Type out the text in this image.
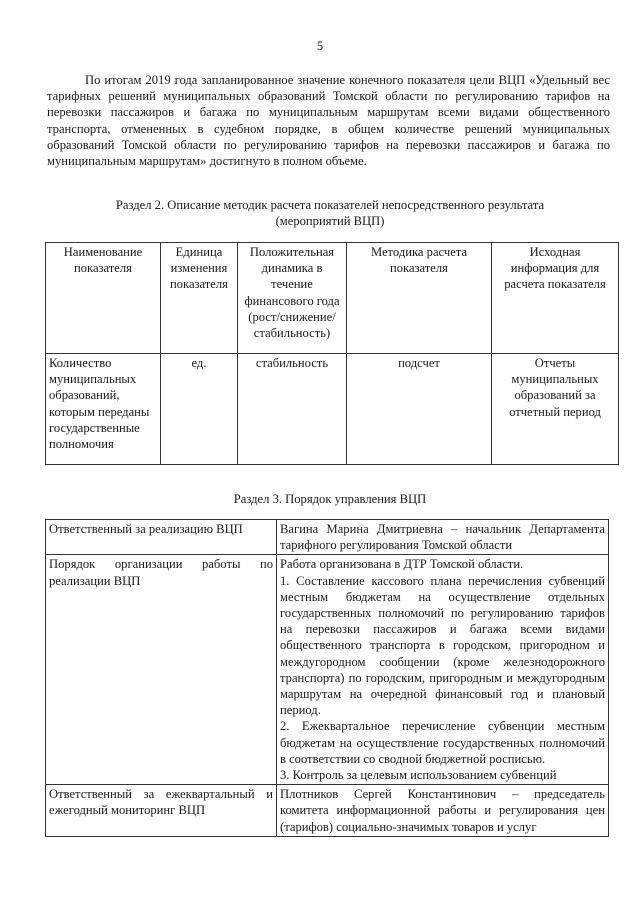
5
По итогам 2019 года запланированное значение конечного показателя цели ВЦП «Удельный вес тарифных решений муниципальных образований Томской области по регулированию тарифов на перевозки пассажиров и багажа по муниципальным маршрутам всеми видами общественного транспорта, отмененных в судебном порядке, в общем количестве решений муниципальных образований Томской области по регулированию тарифов на перевозки пассажиров и багажа по муниципальным маршрутам» достигнуто в полном объеме.
Раздел 2. Описание методик расчета показателей непосредственного результата
(мероприятий ВЦП)
Наименование показателя	Единица изменения показателя	Положительная динамика в течение финансового года (рост/снижение/ стабильность)	Методика расчета показателя	Исходная информация для расчета показателя
Количество муниципальных образований, которым переданы государственные полномочия	ед.	стабильность	подсчет	Отчеты муниципальных образований за отчетный период
Раздел 3. Порядок управления ВЦП
Ответственный за реализацию ВЦП	Вагина Марина Дмитриевна – начальник Департамента тарифного регулирования Томской области

Порядок организации работы по реализации ВЦП	Работа организована в ДТР Томской области.
1. Составление кассового плана перечисления субвенций местным бюджетам на осуществление отдельных государственных полномочий по регулированию тарифов на перевозки пассажиров и багажа всеми видами общественного транспорта в городском, пригородном и междугородном сообщении (кроме железнодорожного транспорта) по городским, пригородным и междугородным маршрутам на очередной финансовый год и плановый период.
2. Ежеквартальное перечисление субвенции местным бюджетам на осуществление государственных полномочий в соответствии со сводной бюджетной росписью.
3. Контроль за целевым использованием субвенций

Ответственный за ежеквартальный и ежегодный мониторинг ВЦП	Плотников Сергей Константинович – председатель комитета информационной работы и регулирования цен (тарифов) социально-значимых товаров и услуг
